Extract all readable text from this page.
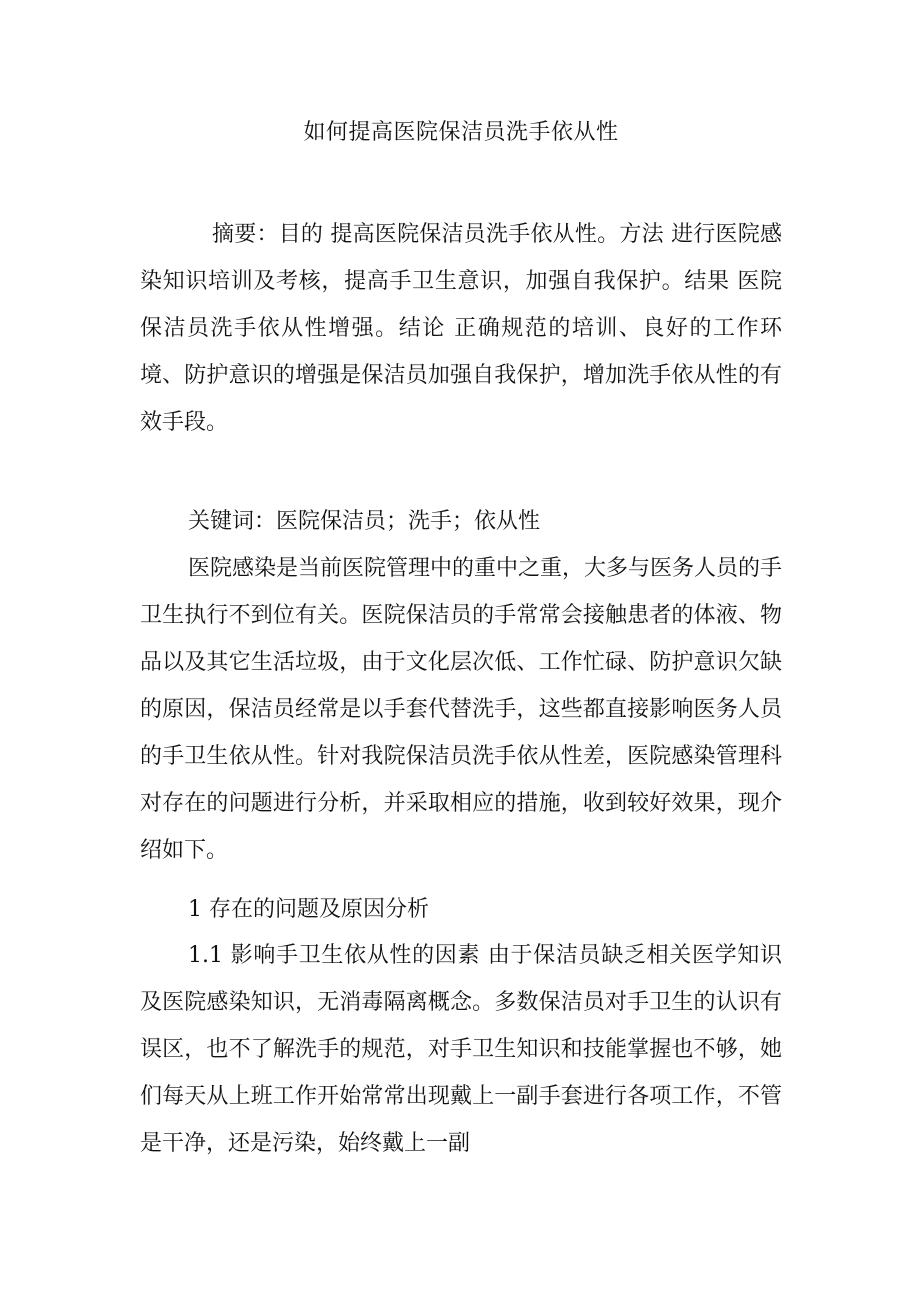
如何提高医院保洁员洗手依从性

摘要：目的 提高医院保洁员洗手依从性。方法 进行医院感染知识培训及考核，提高手卫生意识，加强自我保护。结果 医院保洁员洗手依从性增强。结论 正确规范的培训、良好的工作环境、防护意识的增强是保洁员加强自我保护，增加洗手依从性的有效手段。

关键词：医院保洁员；洗手；依从性

医院感染是当前医院管理中的重中之重，大多与医务人员的手卫生执行不到位有关。医院保洁员的手常常会接触患者的体液、物品以及其它生活垃圾，由于文化层次低、工作忙碌、防护意识欠缺的原因，保洁员经常是以手套代替洗手，这些都直接影响医务人员的手卫生依从性。针对我院保洁员洗手依从性差，医院感染管理科对存在的问题进行分析，并采取相应的措施，收到较好效果，现介绍如下。

1 存在的问题及原因分析

1.1 影响手卫生依从性的因素 由于保洁员缺乏相关医学知识及医院感染知识，无消毒隔离概念。多数保洁员对手卫生的认识有误区，也不了解洗手的规范，对手卫生知识和技能掌握也不够，她们每天从上班工作开始常常出现戴上一副手套进行各项工作，不管是干净，还是污染，始终戴上一副
